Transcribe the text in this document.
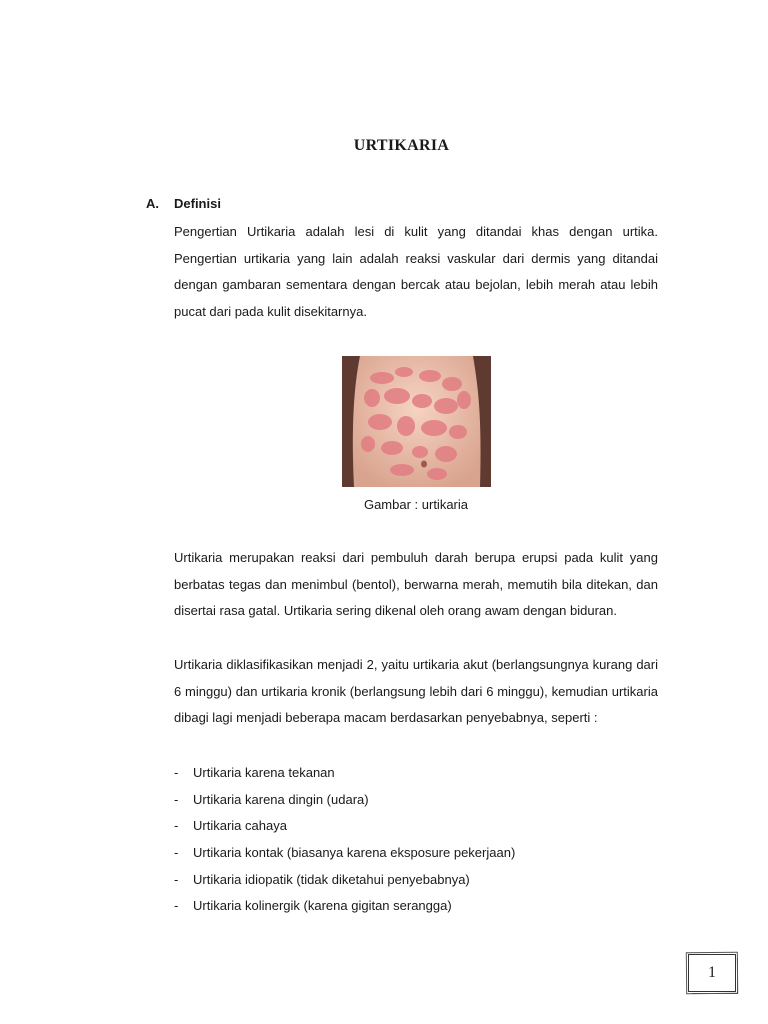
URTIKARIA
A. Definisi

Pengertian Urtikaria adalah lesi di kulit yang ditandai khas dengan urtika. Pengertian urtikaria yang lain adalah reaksi vaskular dari dermis yang ditandai dengan gambaran sementara dengan bercak atau bejolan, lebih merah atau lebih pucat dari pada kulit disekitarnya.

Gambar : urtikaria

Urtikaria merupakan reaksi dari pembuluh darah berupa erupsi pada kulit yang berbatas tegas dan menimbul (bentol), berwarna merah, memutih bila ditekan, dan disertai rasa gatal. Urtikaria sering dikenal oleh orang awam dengan biduran.

Urtikaria diklasifikasikan menjadi 2, yaitu urtikaria akut (berlangsungnya kurang dari 6 minggu) dan urtikaria kronik (berlangsung lebih dari 6 minggu), kemudian urtikaria dibagi lagi menjadi beberapa macam berdasarkan penyebabnya, seperti :

-	Urtikaria karena tekanan
-	Urtikaria karena dingin (udara)
-	Urtikaria cahaya
-	Urtikaria kontak (biasanya karena eksposure pekerjaan)
-	Urtikaria idiopatik (tidak diketahui penyebabnya)
-	Urtikaria kolinergik (karena gigitan serangga)
1
